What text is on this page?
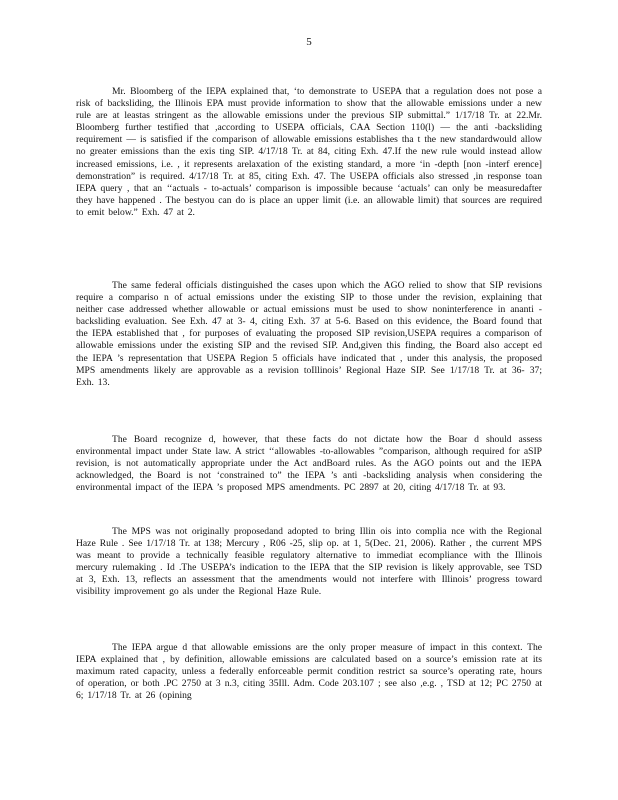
5

Mr. Bloomberg of the IEPA explained that, ‘to demonstrate to USEPA that a regulation does not pose a risk of backsliding, the Illinois EPA must provide information to show that the allowable emissions under a new rule are at leastas stringent as the allowable emissions under the previous SIP submittal.” 1/17/18 Tr. at 22.Mr. Bloomberg further testified that ,according to USEPA officials, CAA Section 110(l) — the anti -backsliding requirement — is satisfied if the comparison of allowable emissions establishes tha t the new standardwould allow no greater emissions than the exis ting SIP. 4/17/18 Tr. at 84, citing Exh. 47.If the new rule would instead allow increased emissions, i.e. , it represents arelaxation of the existing standard, a more ‘in -depth [non -interf erence] demonstration” is required. 4/17/18 Tr. at 85, citing Exh. 47. The USEPA officials also stressed ,in response toan IEPA query , that an ‘‘actuals - to-actuals’ comparison is impossible because ‘actuals’ can only be measuredafter they have happened . The bestyou can do is place an upper limit (i.e. an allowable limit) that sources are required to emit below.” Exh. 47 at 2.

The same federal officials distinguished the cases upon which the AGO relied to show that SIP revisions require a compariso n of actual emissions under the existing SIP to those under the revision, explaining that neither case addressed whether allowable or actual emissions must be used to show noninterference in ananti - backsliding evaluation. See Exh. 47 at 3- 4, citing Exh. 37 at 5-6. Based on this evidence, the Board found that the IEPA established that , for purposes of evaluating the proposed SIP revision,USEPA requires a comparison of allowable emissions under the existing SIP and the revised SIP. And,given this finding, the Board also accept ed the IEPA ’s representation that USEPA Region 5 officials have indicated that , under this analysis, the proposed MPS amendments likely are approvable as a revision toIllinois’ Regional Haze SIP. See 1/17/18 Tr. at 36- 37; Exh. 13.

The Board recognize d, however, that these facts do not dictate how the Boar d should assess environmental impact under State law. A strict ‘‘allowables -to-allowables ”comparison, although required for aSIP revision, is not automatically appropriate under the Act andBoard rules. As the AGO points out and the IEPA acknowledged, the Board is not ‘constrained to” the IEPA ’s anti -backsliding analysis when considering the environmental impact of the IEPA ’s proposed MPS amendments. PC 2897 at 20, citing 4/17/18 Tr. at 93.

The MPS was not originally proposedand adopted to bring Illin ois into complia nce with the Regional Haze Rule . See 1/17/18 Tr. at 138; Mercury , R06 -25, slip op. at 1, 5(Dec. 21, 2006). Rather , the current MPS was meant to provide a technically feasible regulatory alternative to immediat ecompliance with the Illinois mercury rulemaking . Id .The USEPA’s indication to the IEPA that the SIP revision is likely approvable, see TSD at 3, Exh. 13, reflects an assessment that the amendments would not interfere with Illinois’ progress toward visibility improvement go als under the Regional Haze Rule.

The IEPA argue d that allowable emissions are the only proper measure of impact in this context. The IEPA explained that , by definition, allowable emissions are calculated based on a source’s emission rate at its maximum rated capacity, unless a federally enforceable permit condition restrict sa source’s operating rate, hours of operation, or both .PC 2750 at 3 n.3, citing 35Ill. Adm. Code 203.107 ; see also ,e.g. , TSD at 12; PC 2750 at 6; 1/17/18 Tr. at 26 (opining
